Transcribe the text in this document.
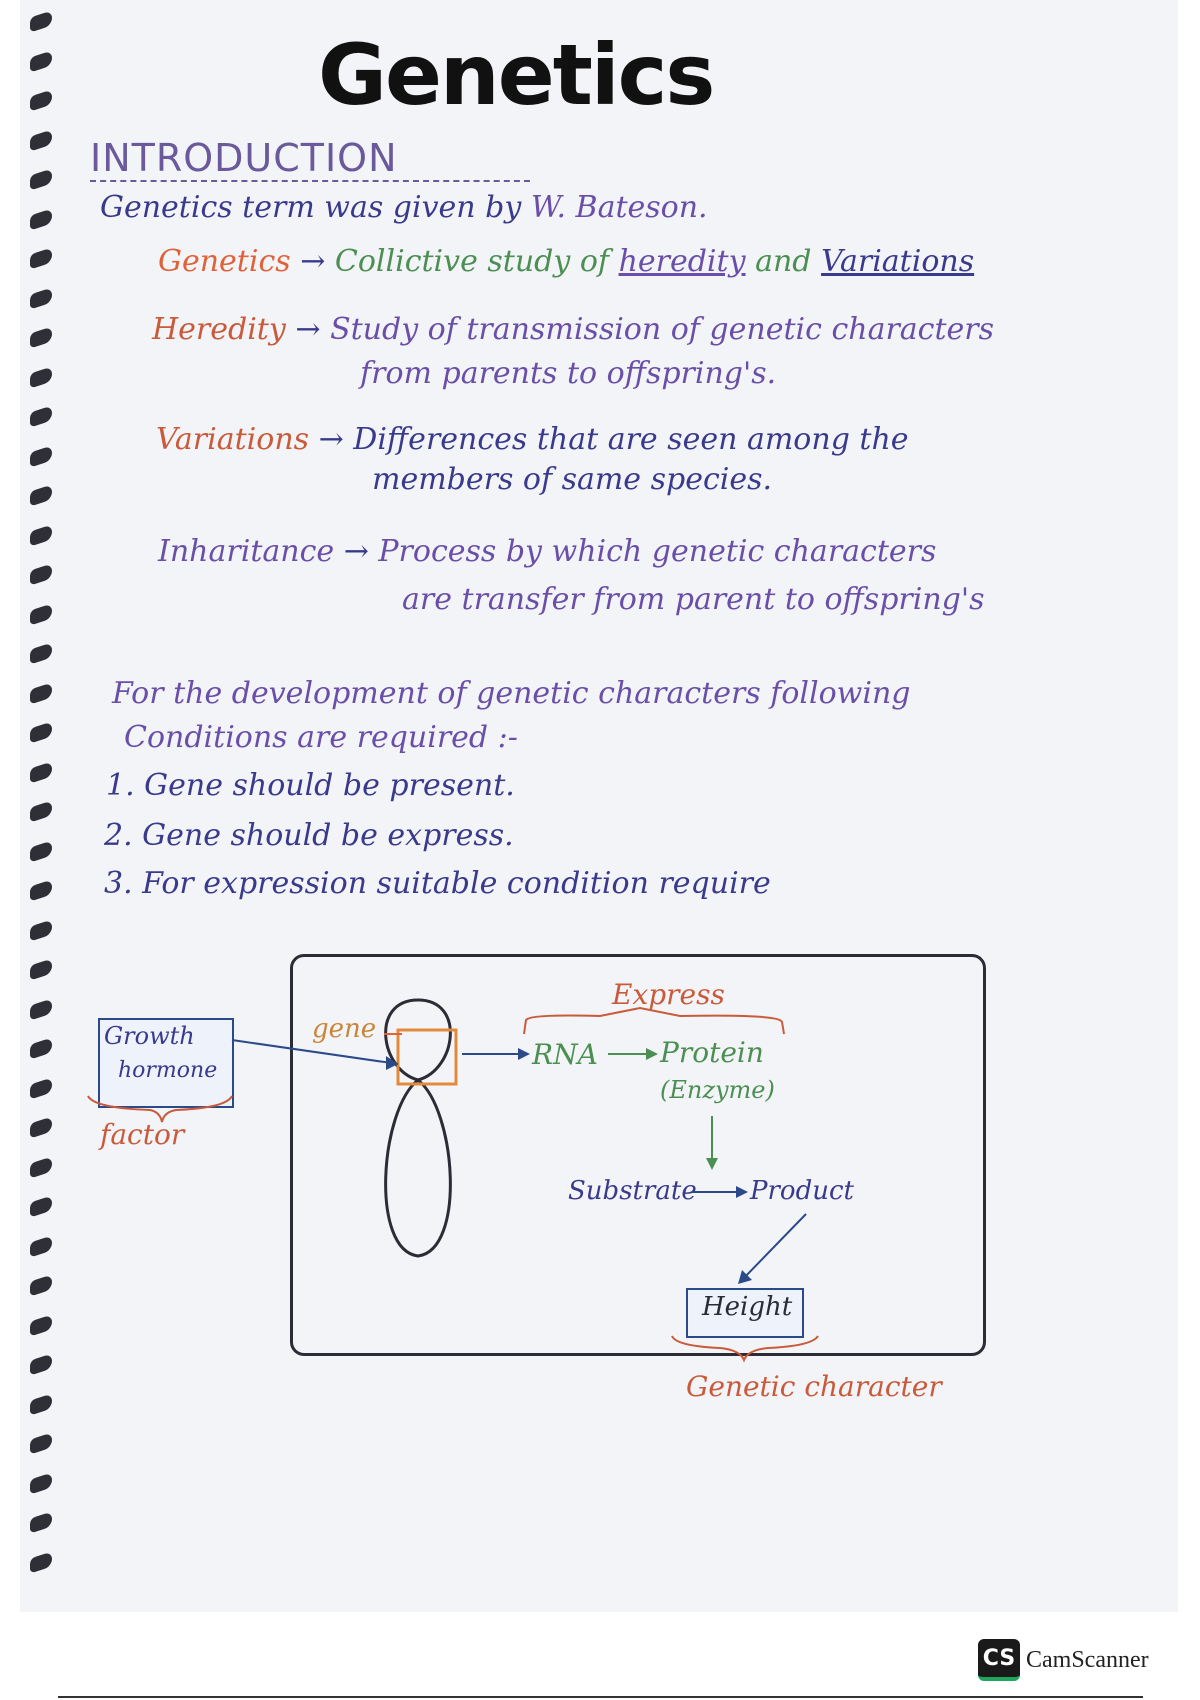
Genetics
INTRODUCTION
Genetics term was given by W. Bateson.
Genetics → Collictive study of heredity and Variations
Heredity → Study of transmission of genetic characters
from parents to offspring's.
Variations → Differences that are seen among the
members of same species.
Inharitance → Process by which genetic characters
are transfer from parent to offspring's
For the development of genetic characters following
Conditions are required :-
1. Gene should be present.
2. Gene should be express.
3. For expression suitable condition require
Growth
hormone
factor
gene
Express
RNA Protein
(Enzyme)
Substrate Product
Height
Genetic character
CS CamScanner
